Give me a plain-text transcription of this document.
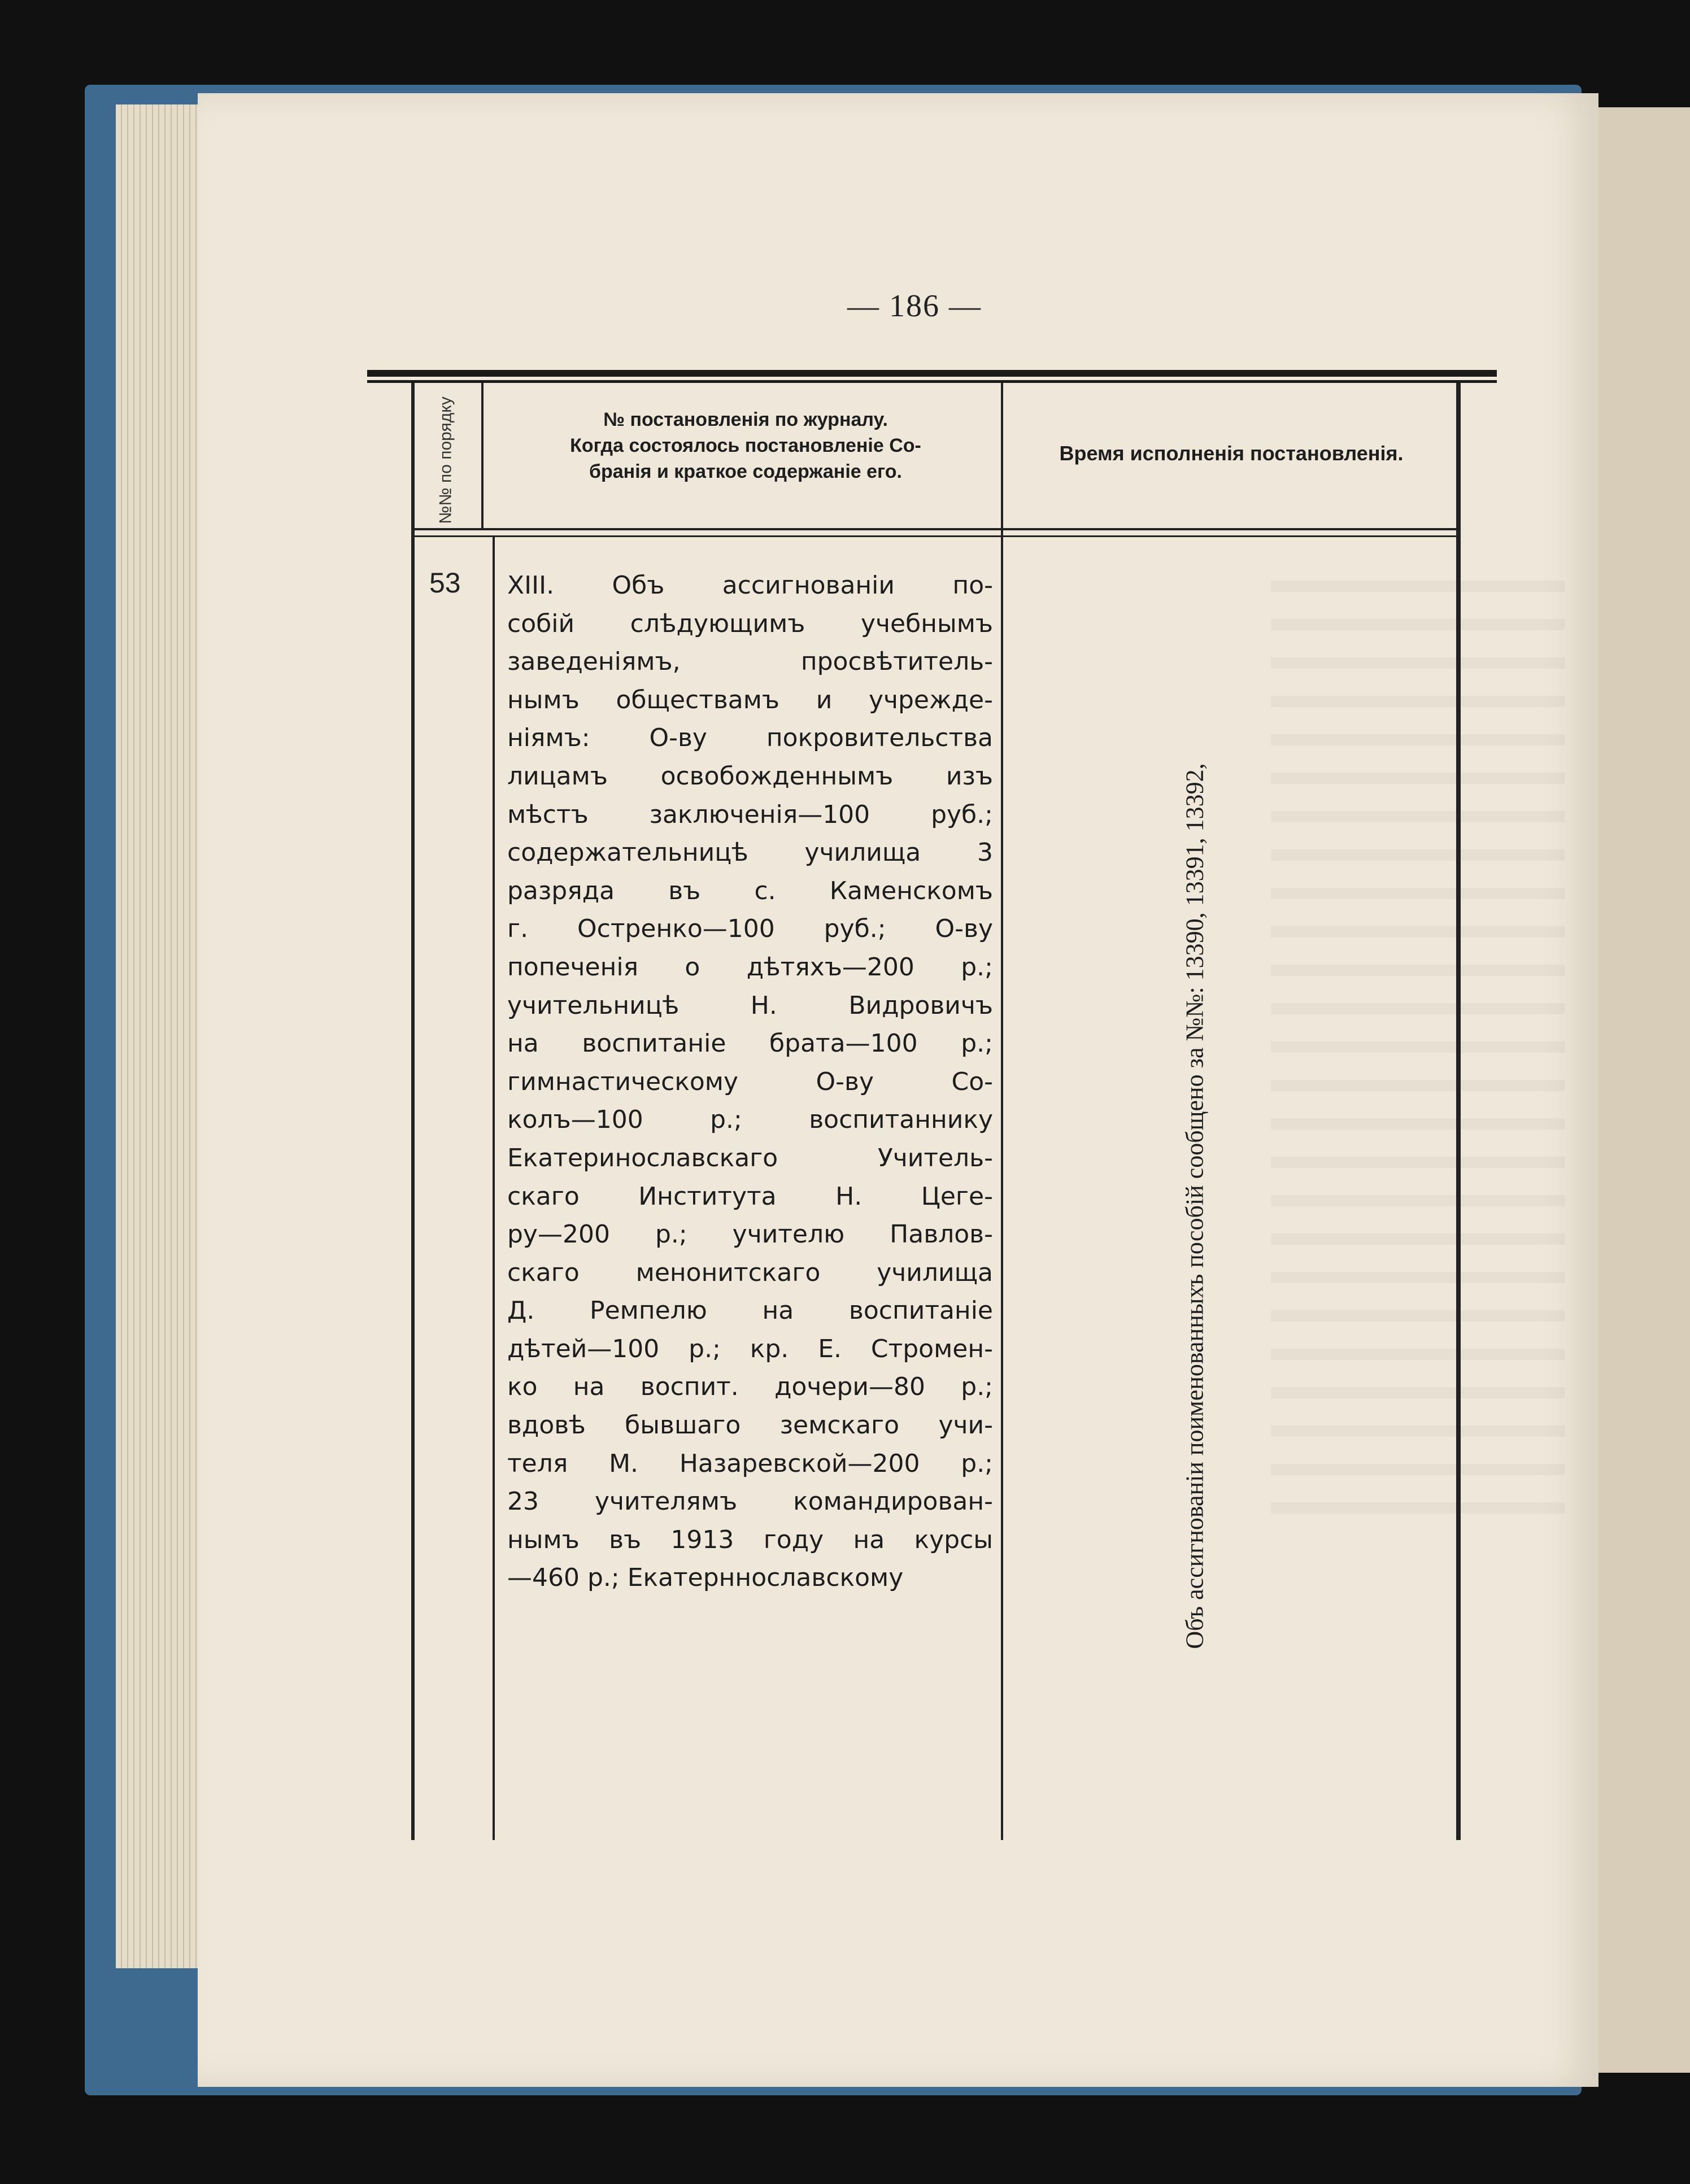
— 186 —
№№ по порядку	№ постановленія по журналу.
Когда состоялось постановленіе Со-
бранія и краткое содержаніе его.
Время исполненія постановленія.
53 XIII. Объ ассигнованіи по-
собій слѣдующимъ учебнымъ
заведеніямъ, просвѣтитель-
нымъ обществамъ и учрежде-
ніямъ: О-ву покровительства
лицамъ освобожденнымъ изъ
мѣстъ заключенія—100 руб.;
содержательницѣ училища 3
разряда въ с. Каменскомъ
г. Остренко—100 руб.; О-ву
попеченія о дѣтяхъ—200 р.;
учительницѣ Н. Видровичъ
на воспитаніе брата—100 р.;
гимнастическому О-ву Со-
колъ—100 р.; воспитаннику
Екатеринославскаго Учитель-
скаго Института Н. Цеге-
ру—200 р.; учителю Павлов-
скаго менонитскаго училища
Д. Ремпелю на воспитаніе
дѣтей—100 р.; кр. Е. Стромен-
ко на воспит. дочери—80 р.;
вдовѣ бывшаго земскаго учи-
теля М. Назаревской—200 р.;
23 учителямъ командирован-
нымъ въ 1913 году на курсы
—460 р.; Екатерннославскому	Объ ассигнованіи поименованныхъ пособій сообщено за №№: 13390, 13391, 13392,
